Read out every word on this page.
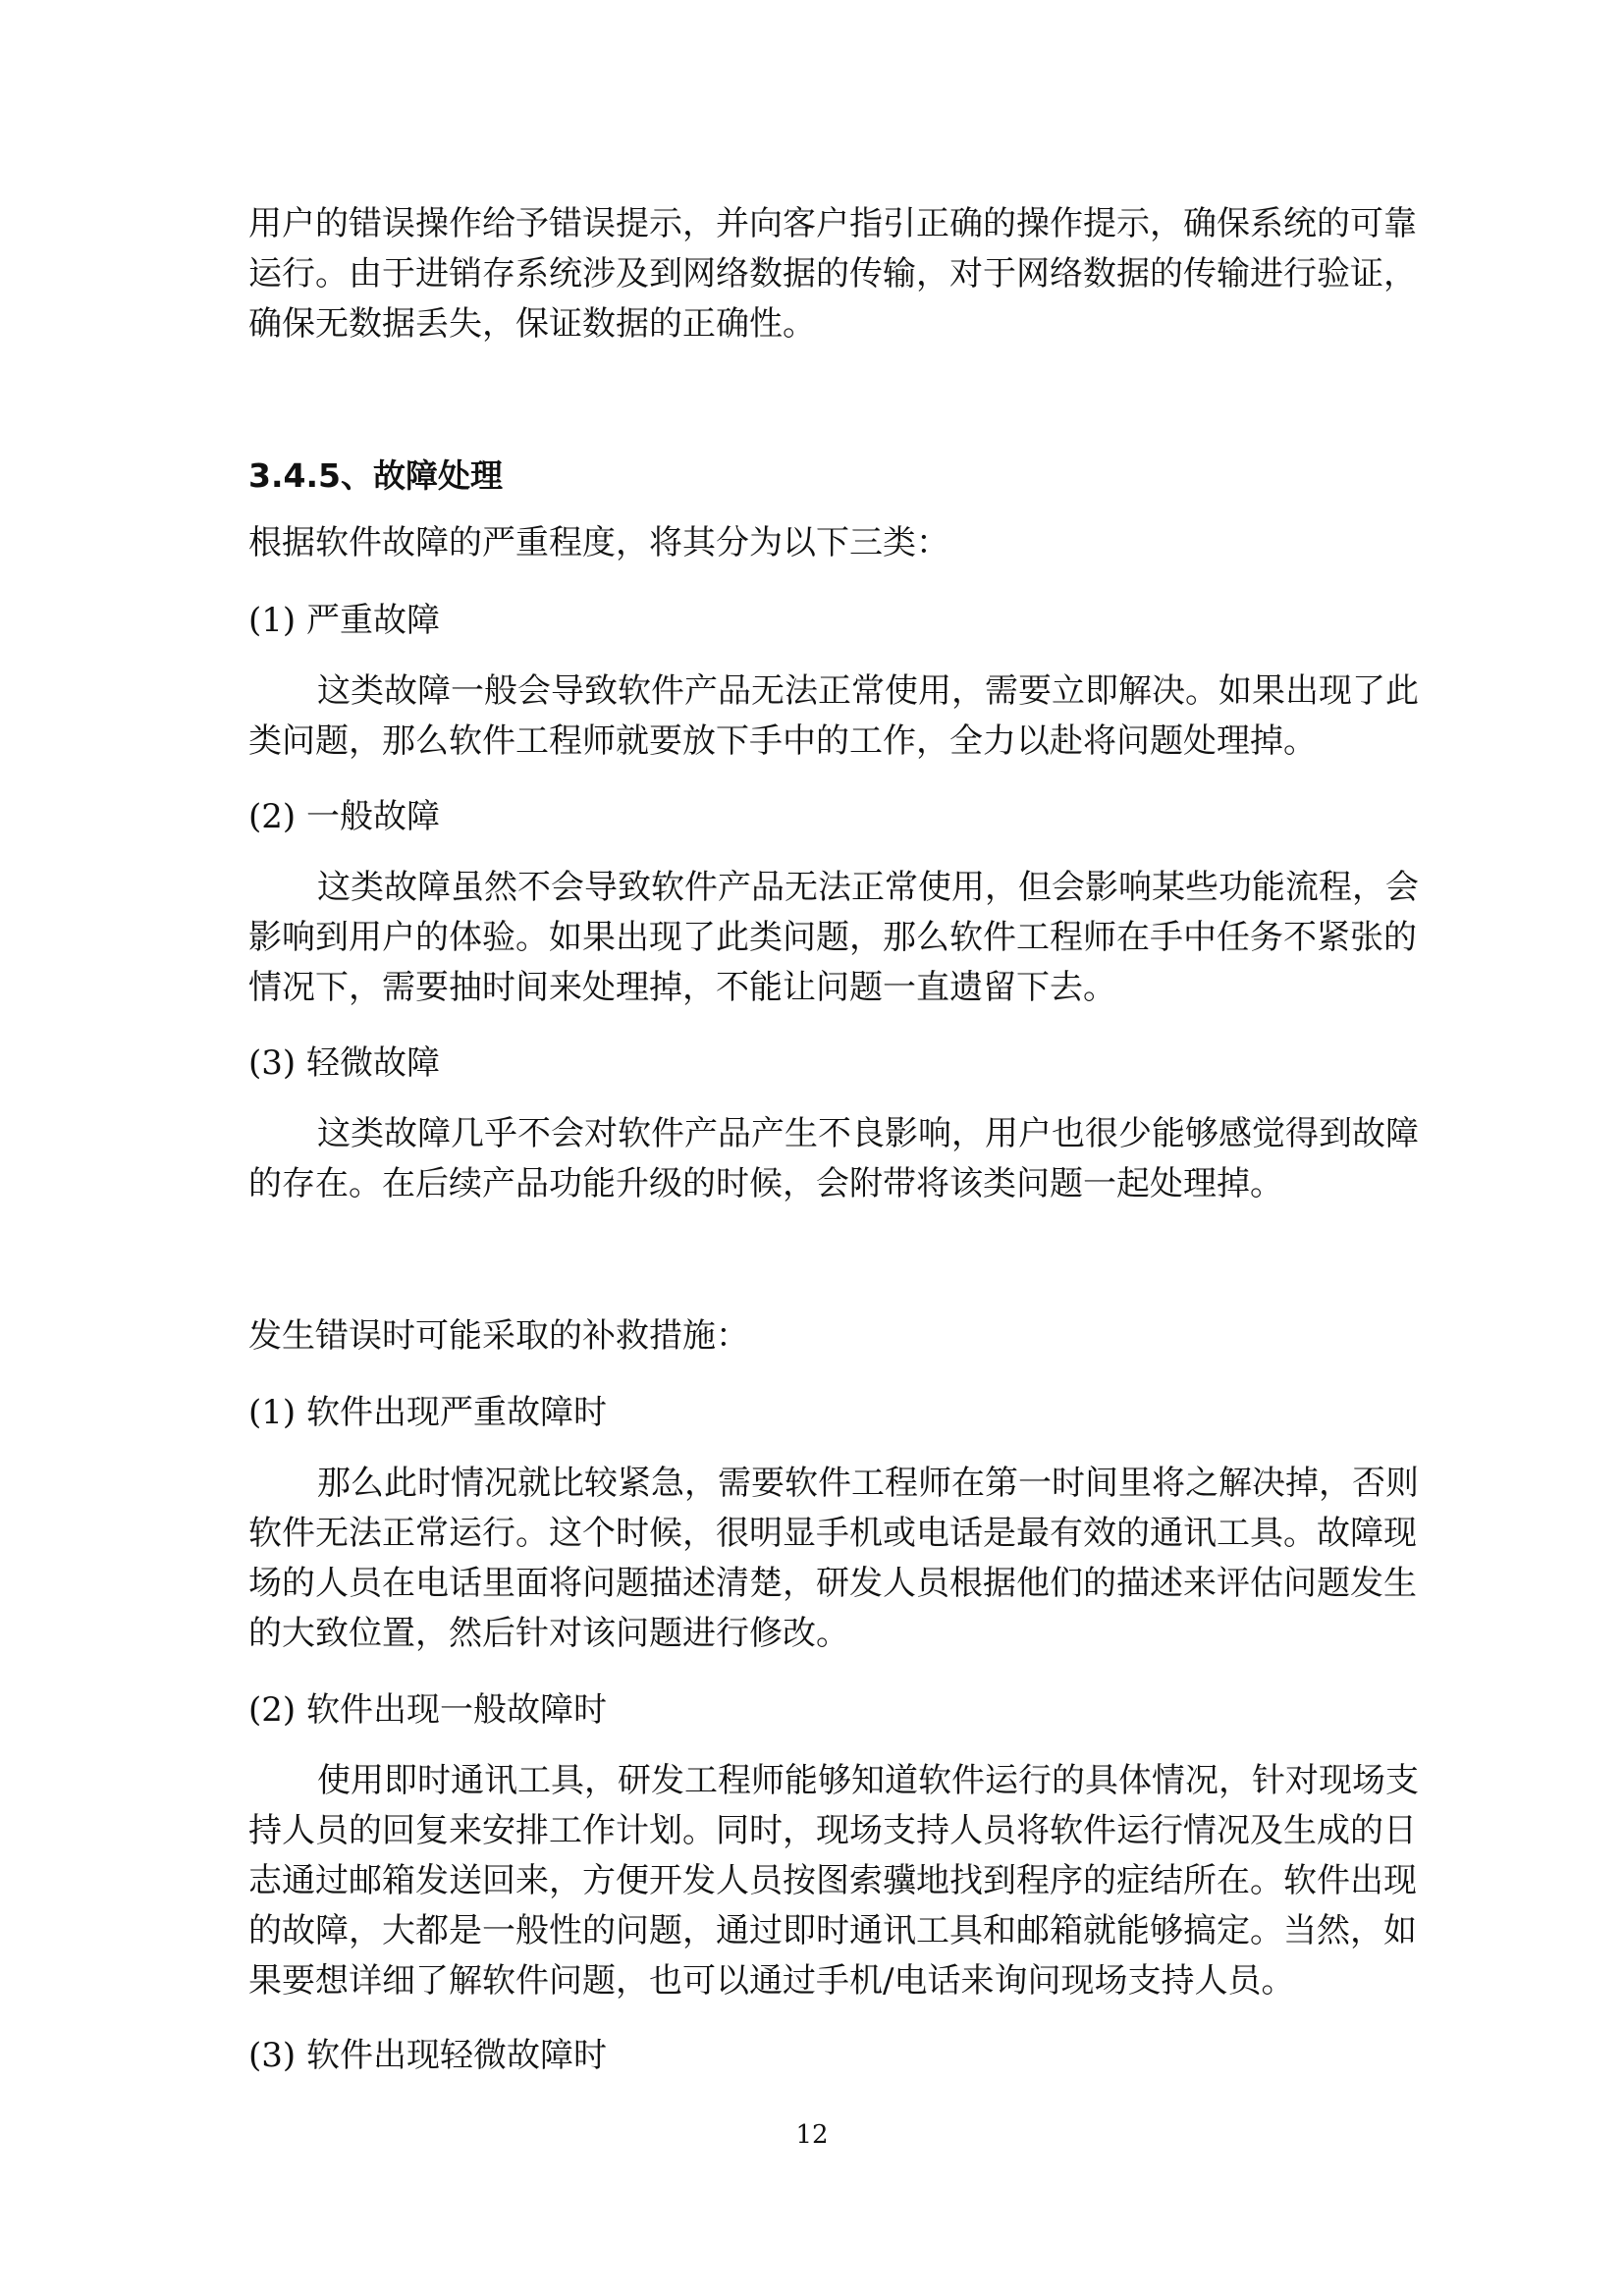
用户的错误操作给予错误提示，并向客户指引正确的操作提示，确保系统的可靠
运行。由于进销存系统涉及到网络数据的传输，对于网络数据的传输进行验证，
确保无数据丢失，保证数据的正确性。
3.4.5、故障处理
根据软件故障的严重程度，将其分为以下三类：
(1) 严重故障
这类故障一般会导致软件产品无法正常使用，需要立即解决。如果出现了此
类问题，那么软件工程师就要放下手中的工作，全力以赴将问题处理掉。
(2) 一般故障
这类故障虽然不会导致软件产品无法正常使用，但会影响某些功能流程，会
影响到用户的体验。如果出现了此类问题，那么软件工程师在手中任务不紧张的
情况下，需要抽时间来处理掉，不能让问题一直遗留下去。
(3) 轻微故障
这类故障几乎不会对软件产品产生不良影响，用户也很少能够感觉得到故障
的存在。在后续产品功能升级的时候，会附带将该类问题一起处理掉。
发生错误时可能采取的补救措施：
(1) 软件出现严重故障时
那么此时情况就比较紧急，需要软件工程师在第一时间里将之解决掉，否则
软件无法正常运行。这个时候，很明显手机或电话是最有效的通讯工具。故障现
场的人员在电话里面将问题描述清楚，研发人员根据他们的描述来评估问题发生
的大致位置，然后针对该问题进行修改。
(2) 软件出现一般故障时
使用即时通讯工具，研发工程师能够知道软件运行的具体情况，针对现场支
持人员的回复来安排工作计划。同时，现场支持人员将软件运行情况及生成的日
志通过邮箱发送回来，方便开发人员按图索骥地找到程序的症结所在。软件出现
的故障，大都是一般性的问题，通过即时通讯工具和邮箱就能够搞定。当然，如
果要想详细了解软件问题，也可以通过手机/电话来询问现场支持人员。
(3) 软件出现轻微故障时
12
